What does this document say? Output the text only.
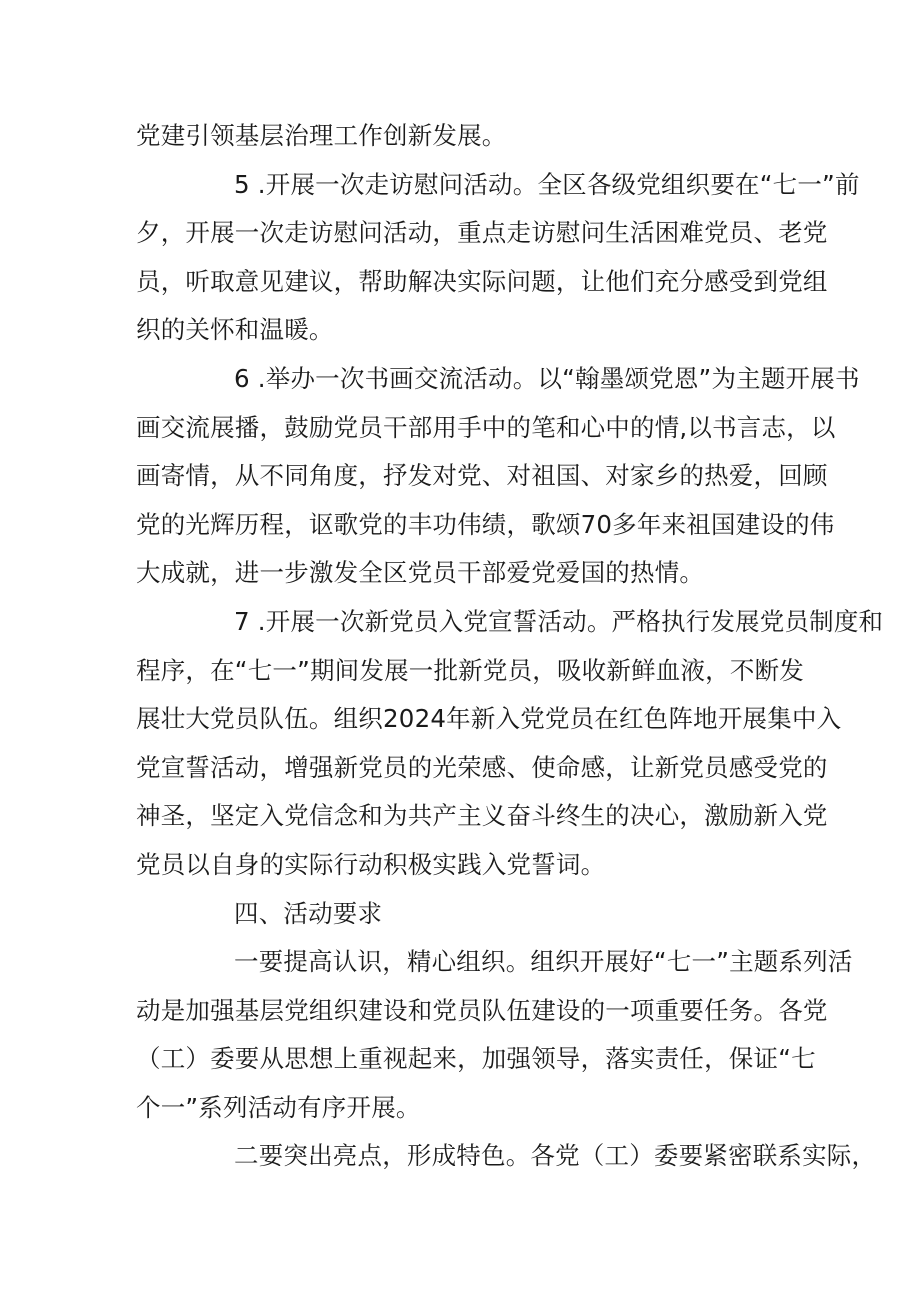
党建引领基层治理工作创新发展。

5 .开展一次走访慰问活动。全区各级党组织要在“七一”前
夕，开展一次走访慰问活动，重点走访慰问生活困难党员、老党
员，听取意见建议，帮助解决实际问题，让他们充分感受到党组
织的关怀和温暖。

6 .举办一次书画交流活动。以“翰墨颂党恩”为主题开展书
画交流展播，鼓励党员干部用手中的笔和心中的情,以书言志，以
画寄情，从不同角度，抒发对党、对祖国、对家乡的热爱，回顾
党的光辉历程，讴歌党的丰功伟绩，歌颂70多年来祖国建设的伟
大成就，进一步激发全区党员干部爱党爱国的热情。

7 .开展一次新党员入党宣誓活动。严格执行发展党员制度和
程序，在“七一”期间发展一批新党员，吸收新鲜血液，不断发
展壮大党员队伍。组织2024年新入党党员在红色阵地开展集中入
党宣誓活动，增强新党员的光荣感、使命感，让新党员感受党的
神圣，坚定入党信念和为共产主义奋斗终生的决心，激励新入党
党员以自身的实际行动积极实践入党誓词。

四、活动要求

一要提高认识，精心组织。组织开展好“七一”主题系列活
动是加强基层党组织建设和党员队伍建设的一项重要任务。各党
（工）委要从思想上重视起来，加强领导，落实责任，保证“七
个一”系列活动有序开展。

二要突出亮点，形成特色。各党（工）委要紧密联系实际，
